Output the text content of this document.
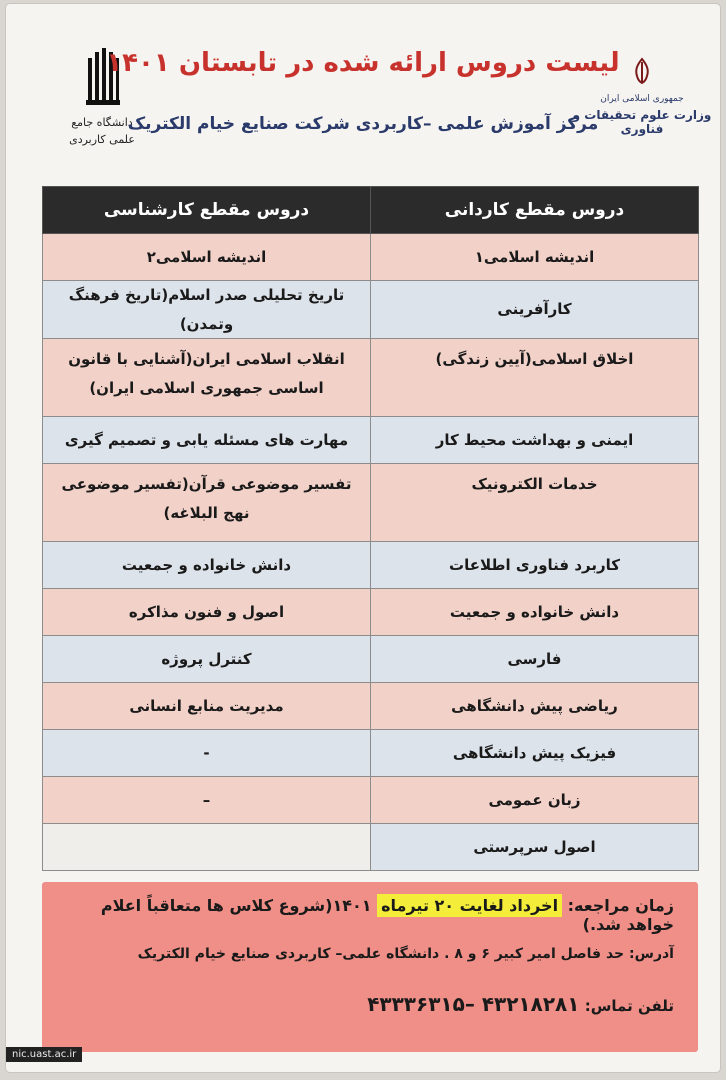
جمهوری اسلامی ایران
وزارت علوم تحقیقات و فناوری
دانشگاه جامع
علمی کاربردی
لیست دروس ارائه شده در تابستان ۱۴۰۱
مرکز آموزش علمی –کاربردی شرکت صنایع خیام الکتریک
دروس مقطع کاردانی	دروس مقطع کارشناسی
اندیشه اسلامی۱	اندیشه اسلامی۲
کارآفرینی	تاریخ تحلیلی صدر اسلام(تاریخ فرهنگ وتمدن)
اخلاق اسلامی(آیین زندگی)	انقلاب اسلامی ایران(آشنایی با قانون اساسی جمهوری اسلامی ایران)
ایمنی و بهداشت محیط کار	مهارت های مسئله یابی و تصمیم گیری
خدمات الکترونیک	تفسیر موضوعی قرآن(تفسیر موضوعی نهج البلاغه)
کاربرد فناوری اطلاعات	دانش خانواده و جمعیت
دانش خانواده و جمعیت	اصول و فنون مذاکره
فارسی	کنترل پروژه
ریاضی پیش دانشگاهی	مدیریت منابع انسانی
فیزیک پیش دانشگاهی	-
زبان عمومی	–
اصول سرپرستی	
زمان مراجعه: اخرداد لغایت ۲۰ تیرماه ۱۴۰۱(شروع کلاس ها متعاقباً اعلام خواهد شد.)
آدرس: حد فاصل امیر کبیر ۶ و ۸ . دانشگاه علمی– کاربردی صنایع خیام الکتریک
تلفن تماس: ۴۳۲۱۸۲۸۱ –۴۳۳۳۶۳۱۵
nic.uast.ac.ir
